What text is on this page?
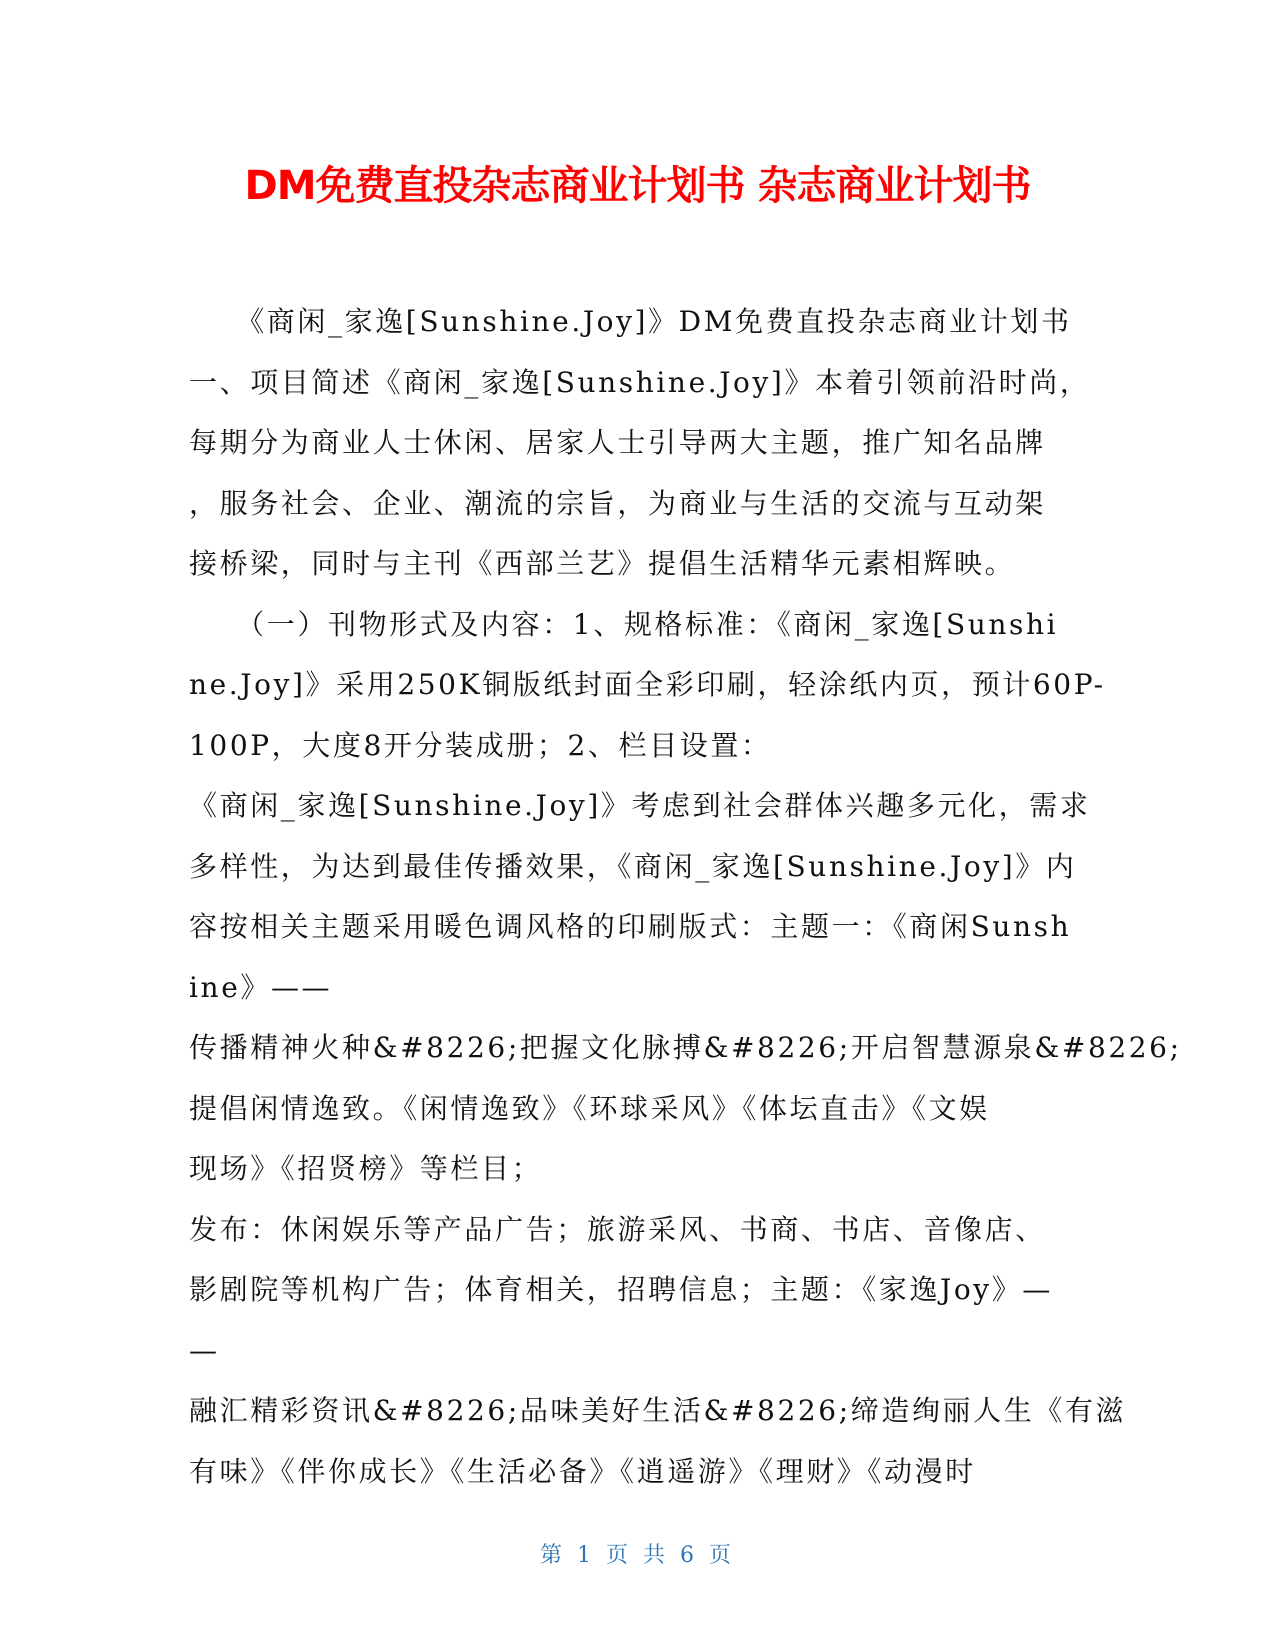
DM免费直投杂志商业计划书 杂志商业计划书
　　《商闲_家逸[Sunshine.Joy]》DM免费直投杂志商业计划书
一、项目简述《商闲_家逸[Sunshine.Joy]》本着引领前沿时尚，
每期分为商业人士休闲、居家人士引导两大主题，推广知名品牌
，服务社会、企业、潮流的宗旨，为商业与生活的交流与互动架
接桥梁，同时与主刊《西部兰艺》提倡生活精华元素相辉映。
　　（一）刊物形式及内容：1、规格标准：《商闲_家逸[Sunshi
ne.Joy]》采用250K铜版纸封面全彩印刷，轻涂纸内页，预计60P-
100P，大度8开分装成册；2、栏目设置：
《商闲_家逸[Sunshine.Joy]》考虑到社会群体兴趣多元化，需求
多样性，为达到最佳传播效果，《商闲_家逸[Sunshine.Joy]》内
容按相关主题采用暖色调风格的印刷版式：主题一：《商闲Sunsh
ine》——
传播精神火种&#8226;把握文化脉搏&#8226;开启智慧源泉&#8226;
提倡闲情逸致。《闲情逸致》《环球采风》《体坛直击》《文娱
现场》《招贤榜》等栏目；
发布：休闲娱乐等产品广告；旅游采风、书商、书店、音像店、
影剧院等机构广告；体育相关，招聘信息；主题：《家逸Joy》—
—
融汇精彩资讯&#8226;品味美好生活&#8226;缔造绚丽人生《有滋
有味》《伴你成长》《生活必备》《逍遥游》《理财》《动漫时
第 1 页 共 6 页
